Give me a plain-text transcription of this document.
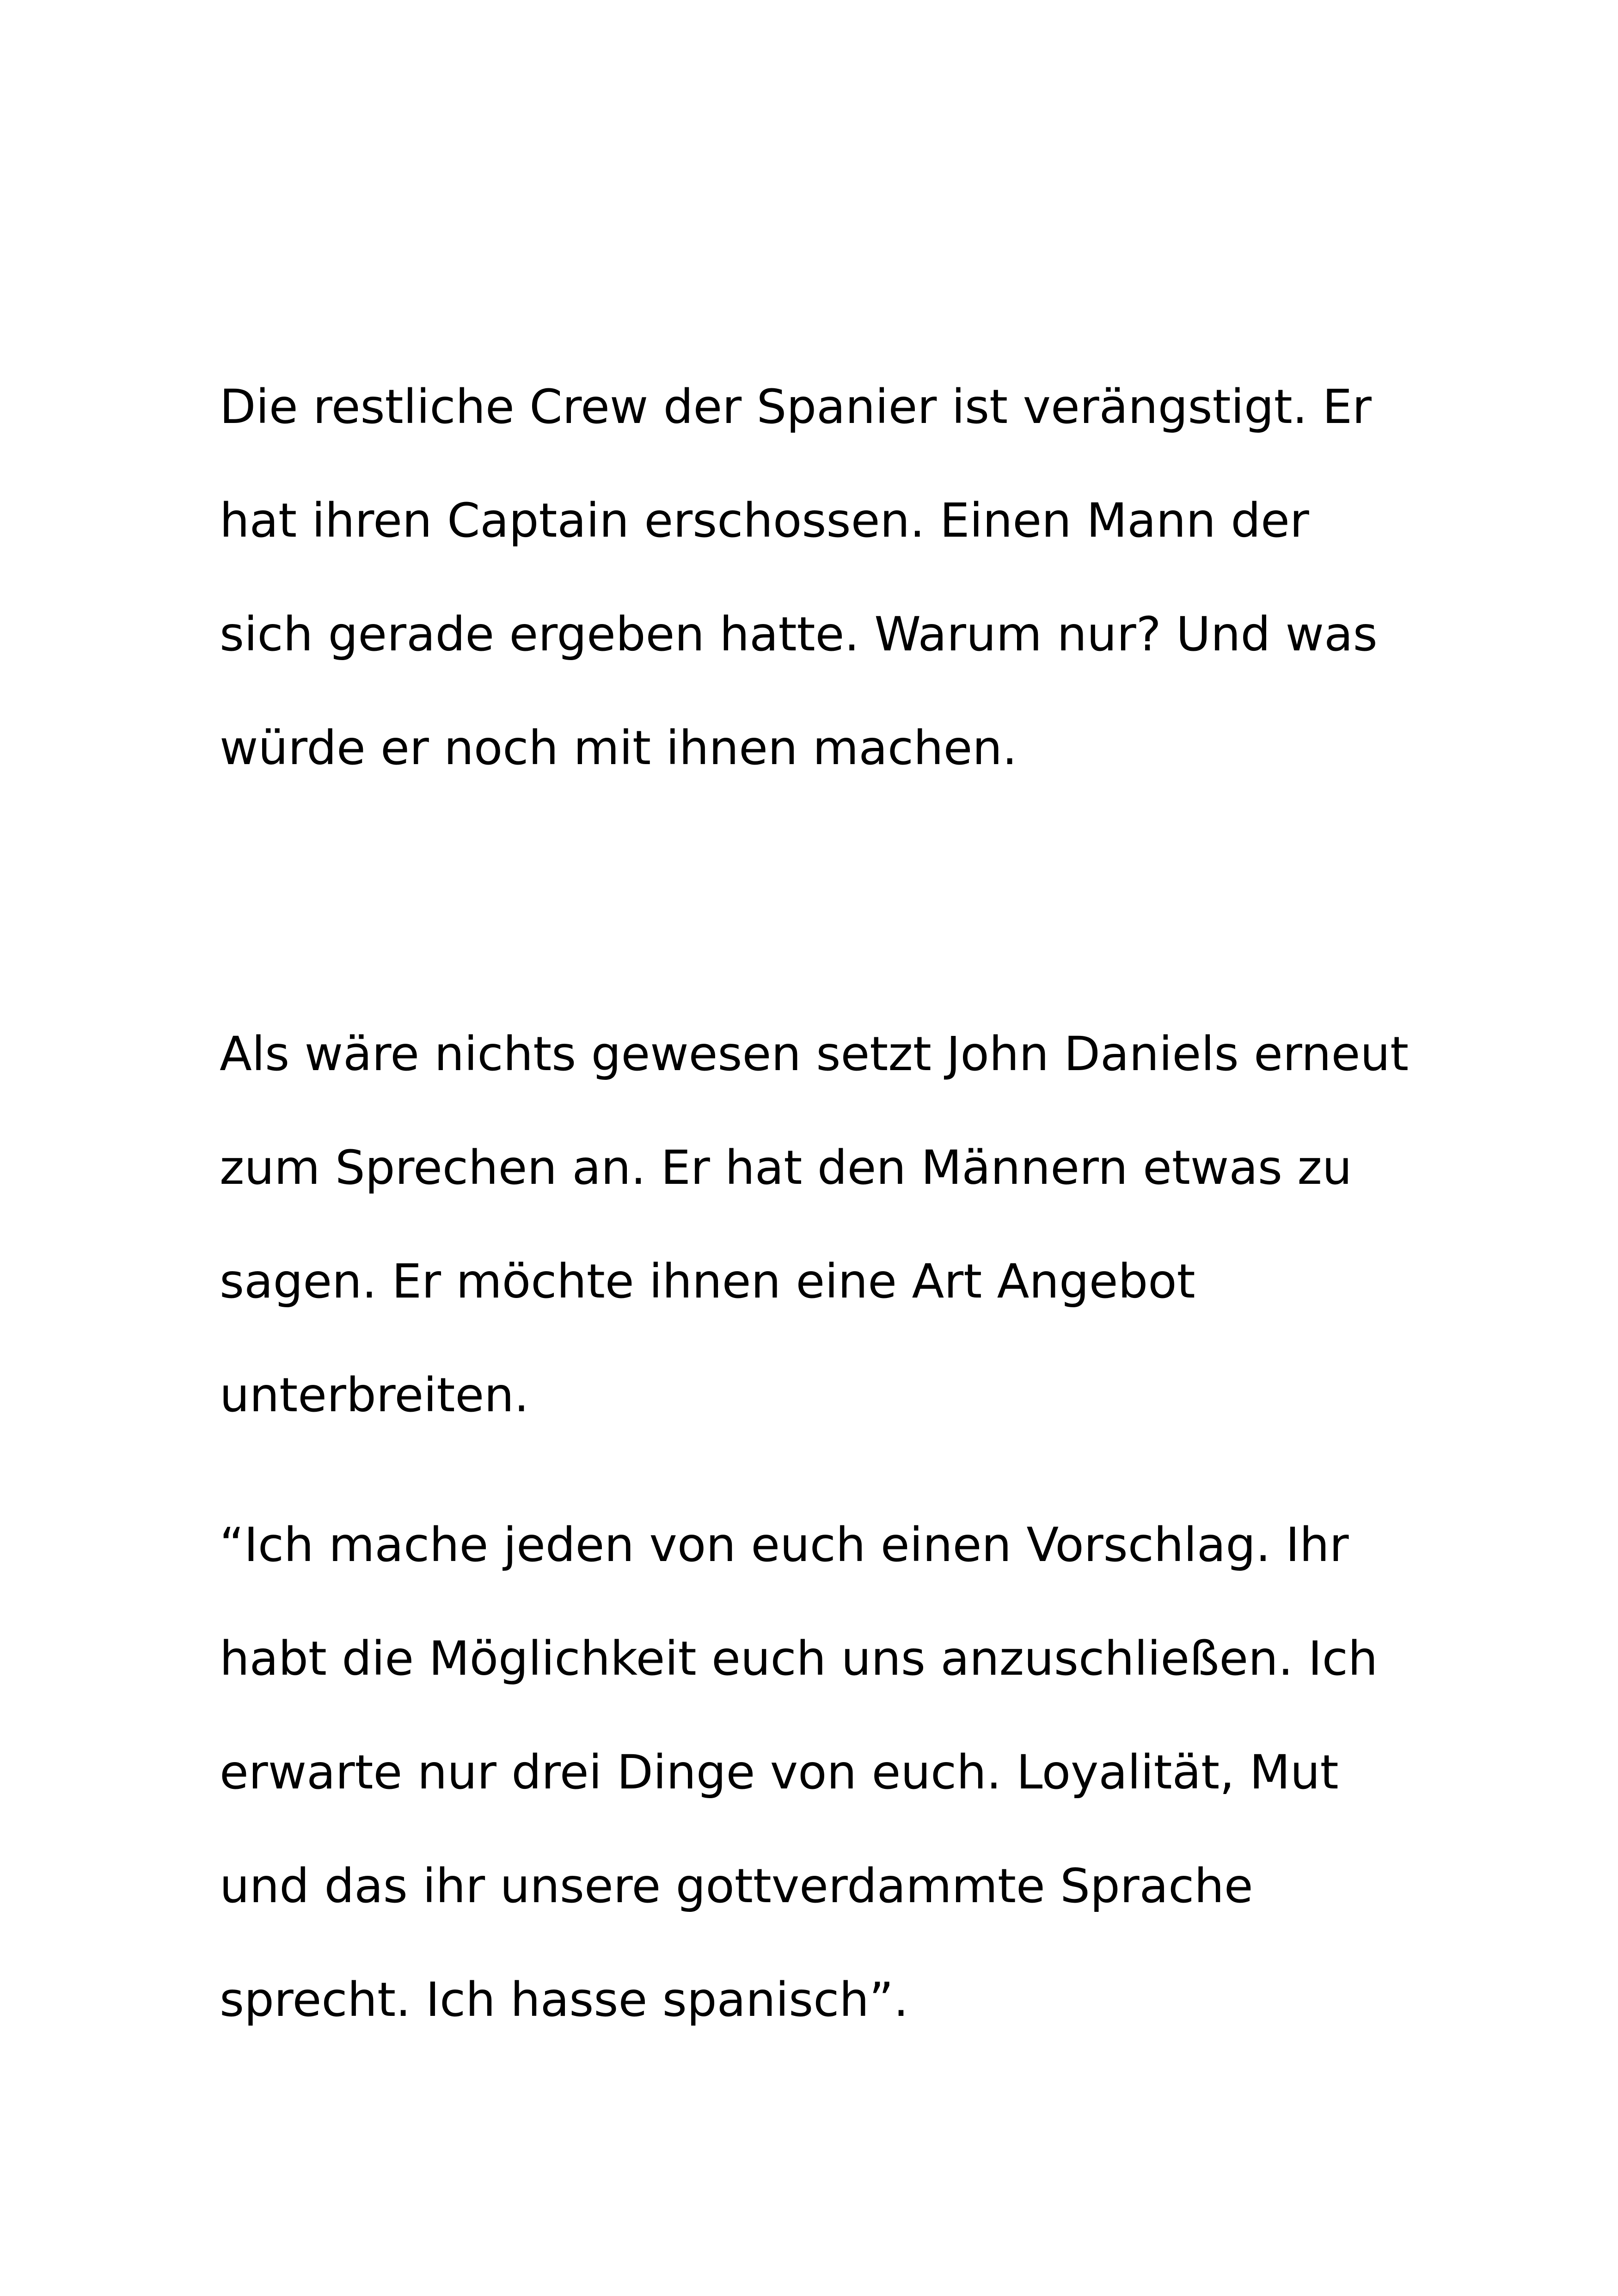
Die restliche Crew der Spanier ist verängstigt. Er
hat ihren Captain erschossen. Einen Mann der
sich gerade ergeben hatte. Warum nur? Und was
würde er noch mit ihnen machen.

Als wäre nichts gewesen setzt John Daniels erneut
zum Sprechen an. Er hat den Männern etwas zu
sagen. Er möchte ihnen eine Art Angebot
unterbreiten.

“Ich mache jeden von euch einen Vorschlag. Ihr
habt die Möglichkeit euch uns anzuschließen. Ich
erwarte nur drei Dinge von euch. Loyalität, Mut
und das ihr unsere gottverdammte Sprache
sprecht. Ich hasse spanisch”.
